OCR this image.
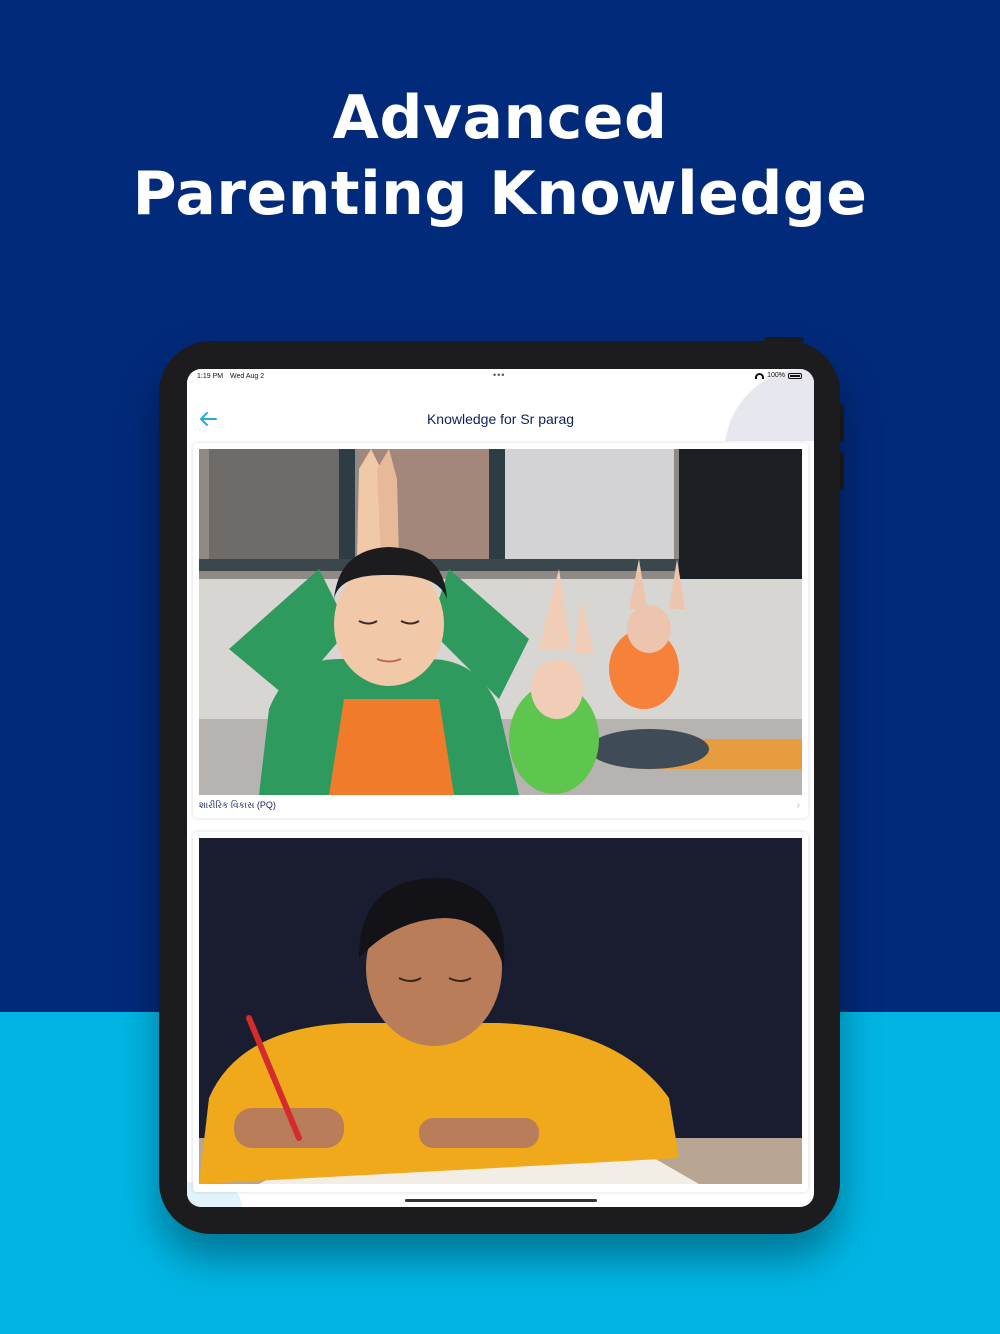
Advanced
Parenting Knowledge
1:19 PM Wed Aug 2	•••	100%
Knowledge for Sr parag
શારીરિક વિકાસ (PQ)	›
